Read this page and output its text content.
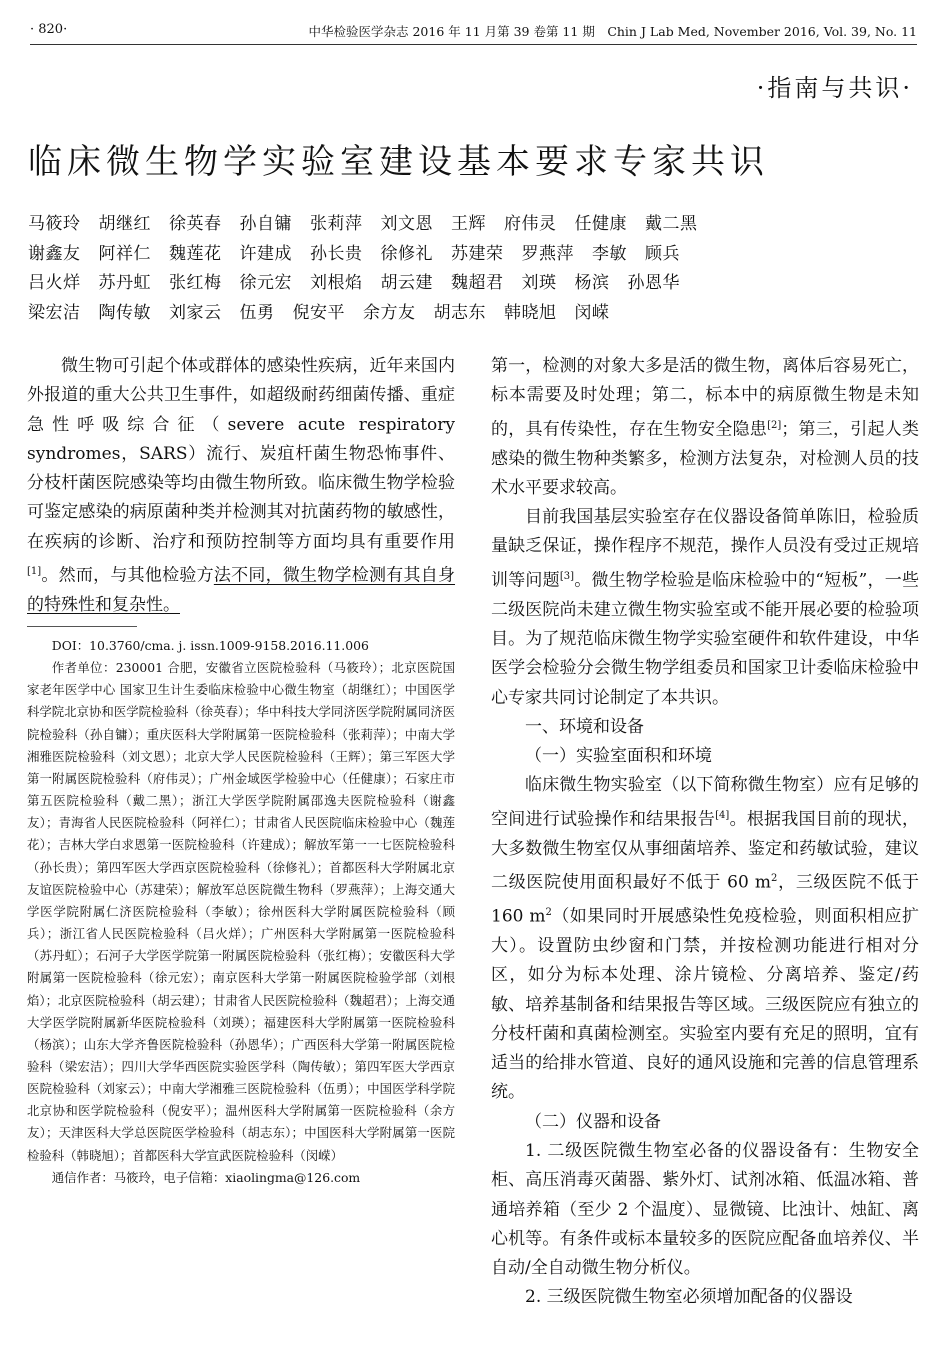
· 820·	中华检验医学杂志 2016 年 11 月第 39 卷第 11 期　Chin J Lab Med, November 2016, Vol. 39, No. 11
·指南与共识·
临床微生物学实验室建设基本要求专家共识
马筱玲 胡继红 徐英春 孙自镛 张莉萍 刘文恩 王辉 府伟灵 任健康 戴二黑
谢鑫友 阿祥仁 魏莲花 许建成 孙长贵 徐修礼 苏建荣 罗燕萍 李敏 顾兵
吕火烊 苏丹虹 张红梅 徐元宏 刘根焰 胡云建 魏超君 刘瑛 杨滨 孙恩华
梁宏洁 陶传敏 刘家云 伍勇 倪安平 余方友 胡志东 韩晓旭 闵嵘

微生物可引起个体或群体的感染性疾病，近年来国内外报道的重大公共卫生事件，如超级耐药细菌传播、重症急性呼吸综合征（severe acute respiratory syndromes，SARS）流行、炭疽杆菌生物恐怖事件、分枝杆菌医院感染等均由微生物所致。临床微生物学检验可鉴定感染的病原菌种类并检测其对抗菌药物的敏感性，在疾病的诊断、治疗和预防控制等方面均具有重要作用[1]。然而，与其他检验方法不同，微生物学检测有其自身的特殊性和复杂性。

DOI：10.3760/cma. j. issn.1009-9158.2016.11.006

作者单位：230001 合肥，安徽省立医院检验科（马筱玲）；北京医院国家老年医学中心 国家卫生计生委临床检验中心微生物室（胡继红）；中国医学科学院北京协和医学院检验科（徐英春）；华中科技大学同济医学院附属同济医院检验科（孙自镛）；重庆医科大学附属第一医院检验科（张莉萍）；中南大学湘雅医院检验科（刘文恩）；北京大学人民医院检验科（王辉）；第三军医大学第一附属医院检验科（府伟灵）；广州金域医学检验中心（任健康）；石家庄市第五医院检验科（戴二黑）；浙江大学医学院附属邵逸夫医院检验科（谢鑫友）；青海省人民医院检验科（阿祥仁）；甘肃省人民医院临床检验中心（魏莲花）；吉林大学白求恩第一医院检验科（许建成）；解放军第一一七医院检验科（孙长贵）；第四军医大学西京医院检验科（徐修礼）；首都医科大学附属北京友谊医院检验中心（苏建荣）；解放军总医院微生物科（罗燕萍）；上海交通大学医学院附属仁济医院检验科（李敏）；徐州医科大学附属医院检验科（顾兵）；浙江省人民医院检验科（吕火烊）；广州医科大学附属第一医院检验科（苏丹虹）；石河子大学医学院第一附属医院检验科（张红梅）；安徽医科大学附属第一医院检验科（徐元宏）；南京医科大学第一附属医院检验学部（刘根焰）；北京医院检验科（胡云建）；甘肃省人民医院检验科（魏超君）；上海交通大学医学院附属新华医院检验科（刘瑛）；福建医科大学附属第一医院检验科（杨滨）；山东大学齐鲁医院检验科（孙恩华）；广西医科大学第一附属医院检验科（梁宏洁）；四川大学华西医院实验医学科（陶传敏）；第四军医大学西京医院检验科（刘家云）；中南大学湘雅三医院检验科（伍勇）；中国医学科学院北京协和医学院检验科（倪安平）；温州医科大学附属第一医院检验科（余方友）；天津医科大学总医院医学检验科（胡志东）；中国医科大学附属第一医院检验科（韩晓旭）；首都医科大学宣武医院检验科（闵嵘）

通信作者：马筱玲，电子信箱：xiaolingma@126.com

第一，检测的对象大多是活的微生物，离体后容易死亡，标本需要及时处理；第二，标本中的病原微生物是未知的，具有传染性，存在生物安全隐患[2]；第三，引起人类感染的微生物种类繁多，检测方法复杂，对检测人员的技术水平要求较高。

目前我国基层实验室存在仪器设备简单陈旧，检验质量缺乏保证，操作程序不规范，操作人员没有受过正规培训等问题[3]。微生物学检验是临床检验中的“短板”，一些二级医院尚未建立微生物实验室或不能开展必要的检验项目。为了规范临床微生物学实验室硬件和软件建设，中华医学会检验分会微生物学组委员和国家卫计委临床检验中心专家共同讨论制定了本共识。

一、环境和设备

（一）实验室面积和环境

临床微生物实验室（以下简称微生物室）应有足够的空间进行试验操作和结果报告[4]。根据我国目前的现状，大多数微生物室仅从事细菌培养、鉴定和药敏试验，建议二级医院使用面积最好不低于 60 $m^2$，三级医院不低于 160 $m^2$（如果同时开展感染性免疫检验，则面积相应扩大）。设置防虫纱窗和门禁，并按检测功能进行相对分区，如分为标本处理、涂片镜检、分离培养、鉴定/药敏、培养基制备和结果报告等区域。三级医院应有独立的分枝杆菌和真菌检测室。实验室内要有充足的照明，宜有适当的给排水管道、良好的通风设施和完善的信息管理系统。

（二）仪器和设备

1. 二级医院微生物室必备的仪器设备有：生物安全柜、高压消毒灭菌器、紫外灯、试剂冰箱、低温冰箱、普通培养箱（至少 2 个温度）、显微镜、比浊计、烛缸、离心机等。有条件或标本量较多的医院应配备血培养仪、半自动/全自动微生物分析仪。

2. 三级医院微生物室必须增加配备的仪器设
